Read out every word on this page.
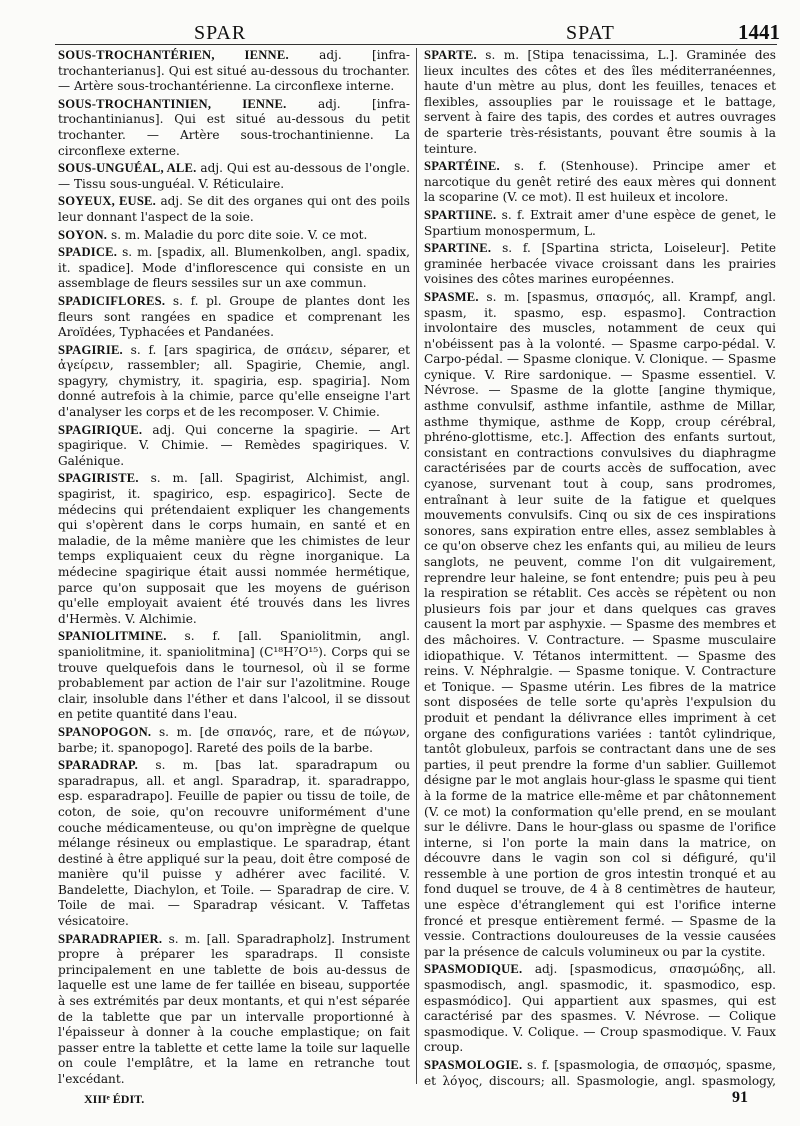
SPAR	SPAT	1441

SOUS-TROCHANTÉRIEN, IENNE.	adj. [infra-trochanterianus]. Qui est situé au-dessous du trochanter. — Artère sous-trochantérienne. La circonflexe interne.

SOUS-TROCHANTINIEN, IENNE.	adj. [infra-trochantinianus]. Qui est situé au-dessous du petit trochanter. — Artère sous-trochantinienne. La circonflexe externe.

SOUS-UNGUÉAL, ALE. adj. Qui est au-dessous de l'ongle. — Tissu sous-unguéal. V. Réticulaire.

SOYEUX, EUSE. adj. Se dit des organes qui ont des poils leur donnant l'aspect de la soie.

SOYON. s. m. Maladie du porc dite soie. V. ce mot.

SPADICE. s. m. [spadix, all. Blumenkolben, angl. spadix, it. spadice]. Mode d'inflorescence qui consiste en un assemblage de fleurs sessiles sur un axe commun.

SPADICIFLORES. s. f. pl. Groupe de plantes dont les fleurs sont rangées en spadice et comprenant les Aroïdées, Typhacées et Pandanées.

SPAGIRIE. s. f. [ars spagirica, de σπάειν, séparer, et ἀγείρειν, rassembler; all. Spagirie, Chemie, angl. spagyry, chymistry, it. spagiria, esp. spagiria]. Nom donné autrefois à la chimie, parce qu'elle enseigne l'art d'analyser les corps et de les recomposer. V. Chimie.

SPAGIRIQUE. adj. Qui concerne la spagirie. — Art spagirique. V. Chimie. — Remèdes spagiriques. V. Galénique.

SPAGIRISTE. s. m. [all. Spagirist, Alchimist, angl. spagirist, it. spagirico, esp. espagirico]. Secte de médecins qui prétendaient expliquer les changements qui s'opèrent dans le corps humain, en santé et en maladie, de la même manière que les chimistes de leur temps expliquaient ceux du règne inorganique. La médecine spagirique était aussi nommée hermétique, parce qu'on supposait que les moyens de guérison qu'elle employait avaient été trouvés dans les livres d'Hermès. V. Alchimie.

SPANIOLITMINE. s. f. [all. Spaniolitmin, angl. spaniolitmine, it. spaniolitmina] (C¹⁸H⁷O¹⁵). Corps qui se trouve quelquefois dans le tournesol, où il se forme probablement par action de l'air sur l'azolitmine. Rouge clair, insoluble dans l'éther et dans l'alcool, il se dissout en petite quantité dans l'eau.

SPANOPOGON. s. m. [de σπανός, rare, et de πώγων, barbe; it. spanopogo]. Rareté des poils de la barbe.

SPARADRAP. s. m. [bas lat. sparadrapum ou sparadrapus, all. et angl. Sparadrap, it. sparadrappo, esp. esparadrapo]. Feuille de papier ou tissu de toile, de coton, de soie, qu'on recouvre uniformément d'une couche médicamenteuse, ou qu'on imprègne de quelque mélange résineux ou emplastique. Le sparadrap, étant destiné à être appliqué sur la peau, doit être composé de manière qu'il puisse y adhérer avec facilité. V. Bandelette, Diachylon, et Toile. — Sparadrap de cire. V. Toile de mai. — Sparadrap vésicant. V. Taffetas vésicatoire.

SPARADRAPIER. s. m. [all. Sparadrapholz]. Instrument propre à préparer les sparadraps. Il consiste principalement en une tablette de bois au-dessus de laquelle est une lame de fer taillée en biseau, supportée à ses extrémités par deux montants, et qui n'est séparée de la tablette que par un intervalle proportionné à l'épaisseur à donner à la couche emplastique; on fait passer entre la tablette et cette lame la toile sur laquelle on coule l'emplâtre, et la lame en retranche tout l'excédant.

SPARTE. s. m. [Stipa tenacissima, L.]. Graminée des lieux incultes des côtes et des îles méditerranéennes, haute d'un mètre au plus, dont les feuilles, tenaces et flexibles, assouplies par le rouissage et le battage, servent à faire des tapis, des cordes et autres ouvrages de sparterie très-résistants, pouvant être soumis à la teinture.

SPARTÉINE. s. f. (Stenhouse). Principe amer et narcotique du genêt retiré des eaux mères qui donnent la scoparine (V. ce mot). Il est huileux et incolore.

SPARTIINE. s. f. Extrait amer d'une espèce de genet, le Spartium monospermum, L.

SPARTINE. s. f. [Spartina stricta, Loiseleur]. Petite graminée herbacée vivace croissant dans les prairies voisines des côtes marines européennes.

SPASME. s. m. [spasmus, σπασμός, all. Krampf, angl. spasm, it. spasmo, esp. espasmo]. Contraction involontaire des muscles, notamment de ceux qui n'obéissent pas à la volonté. — Spasme carpo-pédal. V. Carpo-pédal. — Spasme clonique. V. Clonique. — Spasme cynique. V. Rire sardonique. — Spasme essentiel. V. Névrose. — Spasme de la glotte [angine thymique, asthme convulsif, asthme infantile, asthme de Millar, asthme thymique, asthme de Kopp, croup cérébral, phréno-glottisme, etc.]. Affection des enfants surtout, consistant en contractions convulsives du diaphragme caractérisées par de courts accès de suffocation, avec cyanose, survenant tout à coup, sans prodromes, entraînant à leur suite de la fatigue et quelques mouvements convulsifs. Cinq ou six de ces inspirations sonores, sans expiration entre elles, assez semblables à ce qu'on observe chez les enfants qui, au milieu de leurs sanglots, ne peuvent, comme l'on dit vulgairement, reprendre leur haleine, se font entendre; puis peu à peu la respiration se rétablit. Ces accès se répètent ou non plusieurs fois par jour et dans quelques cas graves causent la mort par asphyxie. — Spasme des membres et des mâchoires. V. Contracture. — Spasme musculaire idiopathique. V. Tétanos intermittent. — Spasme des reins. V. Néphralgie. — Spasme tonique. V. Contracture et Tonique. — Spasme utérin. Les fibres de la matrice sont disposées de telle sorte qu'après l'expulsion du produit et pendant la délivrance elles impriment à cet organe des configurations variées : tantôt cylindrique, tantôt globuleux, parfois se contractant dans une de ses parties, il peut prendre la forme d'un sablier. Guillemot désigne par le mot anglais hour-glass le spasme qui tient à la forme de la matrice elle-même et par châtonnement (V. ce mot) la conformation qu'elle prend, en se moulant sur le délivre. Dans le hour-glass ou spasme de l'orifice interne, si l'on porte la main dans la matrice, on découvre dans le vagin son col si défiguré, qu'il ressemble à une portion de gros intestin tronqué et au fond duquel se trouve, de 4 à 8 centimètres de hauteur, une espèce d'étranglement qui est l'orifice interne froncé et presque entièrement fermé. — Spasme de la vessie. Contractions douloureuses de la vessie causées par la présence de calculs volumineux ou par la cystite.

SPASMODIQUE. adj. [spasmodicus, σπασμώδης, all. spasmodisch, angl. spasmodic, it. spasmodico, esp. espasmódico]. Qui appartient aux spasmes, qui est caractérisé par des spasmes. V. Névrose. — Colique spasmodique. V. Colique. — Croup spasmodique. V. Faux croup.

SPASMOLOGIE. s. f. [spasmologia, de σπασμός, spasme, et λόγος, discours; all. Spasmologie, angl. spasmology,

XIIIᵉ ÉDIT.	91
